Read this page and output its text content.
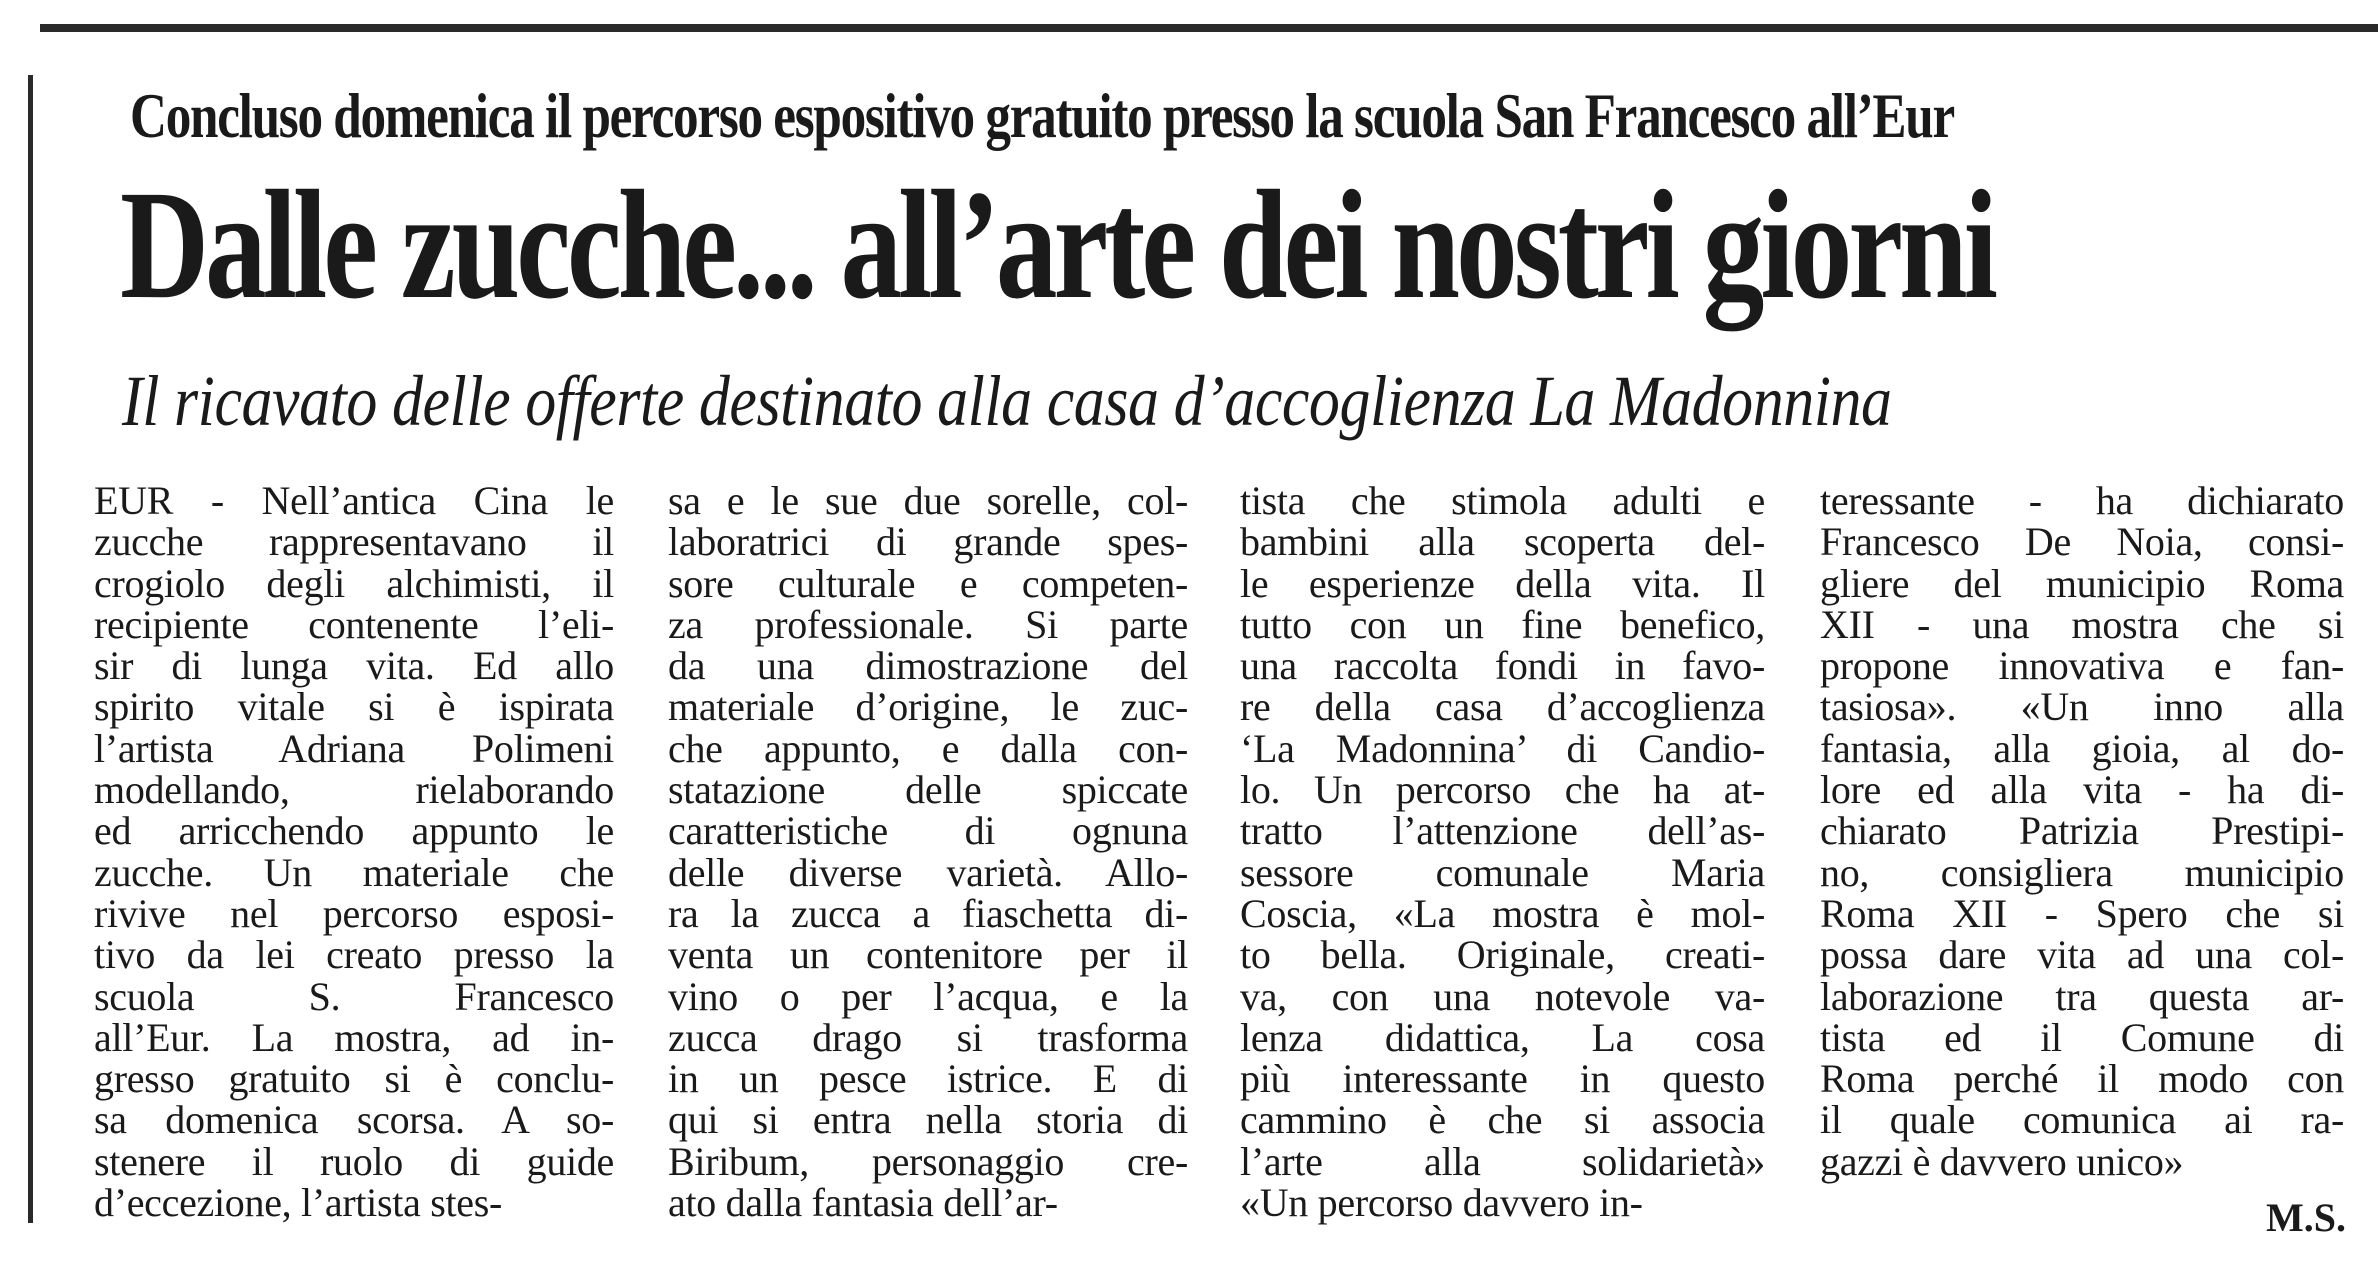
Concluso domenica il percorso espositivo gratuito presso la scuola San Francesco all’Eur
Dalle zucche... all’arte dei nostri giorni
Il ricavato delle offerte destinato alla casa d’accoglienza La Madonnina
EUR - Nell’antica Cina le
zucche rappresentavano il
crogiolo degli alchimisti, il
recipiente contenente l’eli-
sir di lunga vita. Ed allo
spirito vitale si è ispirata
l’artista Adriana Polimeni
modellando, rielaborando
ed arricchendo appunto le
zucche. Un materiale che
rivive nel percorso esposi-
tivo da lei creato presso la
scuola S. Francesco
all’Eur. La mostra, ad in-
gresso gratuito si è conclu-
sa domenica scorsa. A so-
stenere il ruolo di guide
d’eccezione, l’artista stes-
sa e le sue due sorelle, col-
laboratrici di grande spes-
sore culturale e competen-
za professionale. Si parte
da una dimostrazione del
materiale d’origine, le zuc-
che appunto, e dalla con-
statazione delle spiccate
caratteristiche di ognuna
delle diverse varietà. Allo-
ra la zucca a fiaschetta di-
venta un contenitore per il
vino o per l’acqua, e la
zucca drago si trasforma
in un pesce istrice. E di
qui si entra nella storia di
Biribum, personaggio cre-
ato dalla fantasia dell’ar-
tista che stimola adulti e
bambini alla scoperta del-
le esperienze della vita. Il
tutto con un fine benefico,
una raccolta fondi in favo-
re della casa d’accoglienza
‘La Madonnina’ di Candio-
lo. Un percorso che ha at-
tratto l’attenzione dell’as-
sessore comunale Maria
Coscia, «La mostra è mol-
to bella. Originale, creati-
va, con una notevole va-
lenza didattica, La cosa
più interessante in questo
cammino è che si associa
l’arte alla solidarietà»
«Un percorso davvero in-
teressante - ha dichiarato
Francesco De Noia, consi-
gliere del municipio Roma
XII - una mostra che si
propone innovativa e fan-
tasiosa». «Un inno alla
fantasia, alla gioia, al do-
lore ed alla vita - ha di-
chiarato Patrizia Prestipi-
no, consigliera municipio
Roma XII - Spero che si
possa dare vita ad una col-
laborazione tra questa ar-
tista ed il Comune di
Roma perché il modo con
il quale comunica ai ra-
gazzi è davvero unico»
M.S.
